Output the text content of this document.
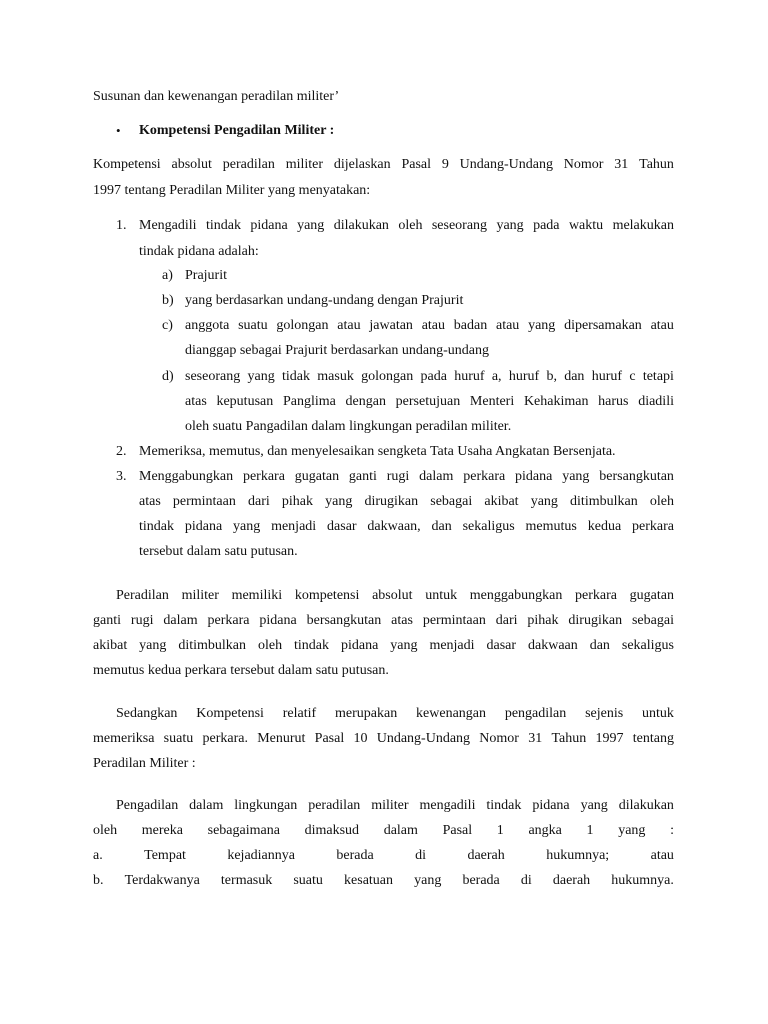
Susunan dan kewenangan peradilan militer’
• Kompetensi Pengadilan Militer :
Kompetensi absolut peradilan militer dijelaskan Pasal 9 Undang-Undang Nomor 31 Tahun
1997 tentang Peradilan Militer yang menyatakan:
1. Mengadili tindak pidana yang dilakukan oleh seseorang yang pada waktu melakukan
tindak pidana adalah:
a) Prajurit
b) yang berdasarkan undang-undang dengan Prajurit
c) anggota suatu golongan atau jawatan atau badan atau yang dipersamakan atau
dianggap sebagai Prajurit berdasarkan undang-undang
d) seseorang yang tidak masuk golongan pada huruf a, huruf b, dan huruf c tetapi
atas keputusan Panglima dengan persetujuan Menteri Kehakiman harus diadili
oleh suatu Pangadilan dalam lingkungan peradilan militer.
2. Memeriksa, memutus, dan menyelesaikan sengketa Tata Usaha Angkatan Bersenjata.
3. Menggabungkan perkara gugatan ganti rugi dalam perkara pidana yang bersangkutan
atas permintaan dari pihak yang dirugikan sebagai akibat yang ditimbulkan oleh
tindak pidana yang menjadi dasar dakwaan, dan sekaligus memutus kedua perkara
tersebut dalam satu putusan.
Peradilan militer memiliki kompetensi absolut untuk menggabungkan perkara gugatan
ganti rugi dalam perkara pidana bersangkutan atas permintaan dari pihak dirugikan sebagai
akibat yang ditimbulkan oleh tindak pidana yang menjadi dasar dakwaan dan sekaligus
memutus kedua perkara tersebut dalam satu putusan.
Sedangkan Kompetensi relatif merupakan kewenangan pengadilan sejenis untuk
memeriksa suatu perkara. Menurut Pasal 10 Undang-Undang Nomor 31 Tahun 1997 tentang
Peradilan Militer :
Pengadilan dalam lingkungan peradilan militer mengadili tindak pidana yang dilakukan
oleh mereka sebagaimana dimaksud dalam Pasal 1 angka 1 yang :
a.	Tempat	kejadiannya	berada	di	daerah	hukumnya;	atau
b. Terdakwanya termasuk suatu kesatuan yang berada di daerah hukumnya.
